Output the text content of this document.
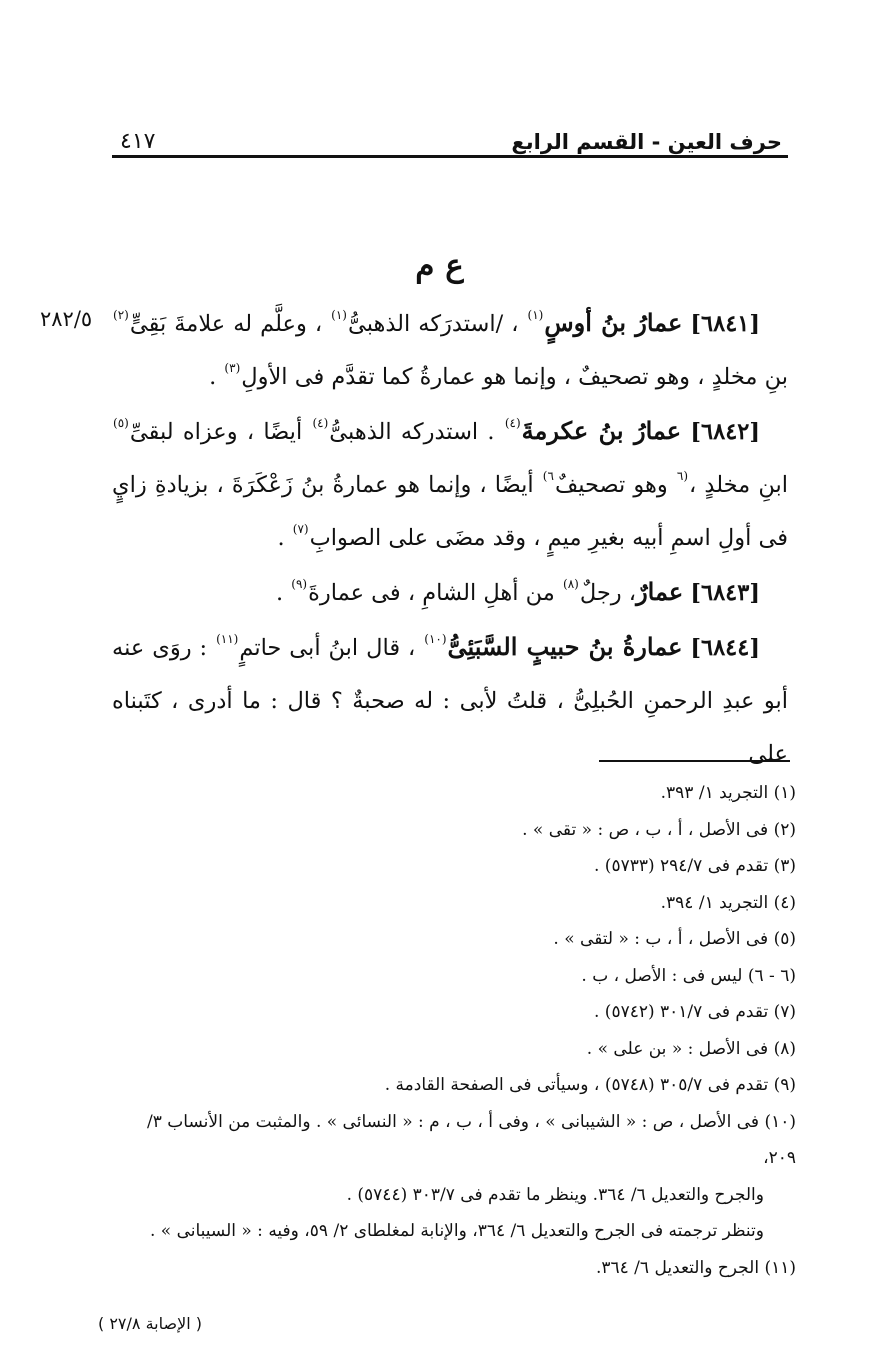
حرف العين - القسم الرابع
٤١٧
ع م
٢٨٢/٥	[٦٨٤١] عمارُ بنُ أوسٍ$^{(١)}$ ، /استدرَكه الذهبىُّ$^{(١)}$ ، وعلَّم له علامةَ بَقِىٍّ$^{(٢)}$ بنِ مخلدٍ ، وهو تصحيفٌ ، وإنما هو عمارةُ كما تقدَّم فى الأولِ$^{(٣)}$ .

[٦٨٤٢] عمارُ بنُ عكرمةَ$^{(٤)}$ . استدركه الذهبىُّ$^{(٤)}$ أيضًا ، وعزاه لبقىِّ$^{(٥)}$ ابنِ مخلدٍ ،$^{(٦}$ وهو تصحيفٌ$^{٦)}$ أيضًا ، وإنما هو عمارةُ بنُ زَعْكَرَةَ ، بزيادةِ زايٍ فى أولِ اسمِ أبيه بغيرِ ميمٍ ، وقد مضَى على الصوابِ$^{(٧)}$ .

[٦٨٤٣] عمارٌ، رجلٌ$^{(٨)}$ من أهلِ الشامِ ، فى عمارةَ$^{(٩)}$ .

[٦٨٤٤] عمارةُ بنُ حبيبٍ السَّبَئِىُّ$^{(١٠)}$ ، قال ابنُ أبى حاتمٍ$^{(١١)}$ : روَى عنه أبو عبدِ الرحمنِ الحُبلِىُّ ، قلتُ لأبى : له صحبةٌ ؟ قال : ما أدرى ، كتَبناه على

(١) التجريد ١/ ٣٩٣.
(٢) فى الأصل ، أ ، ب ، ص : « تقى » .
(٣) تقدم فى ٢٩٤/٧ (٥٧٣٣) .
(٤) التجريد ١/ ٣٩٤.
(٥) فى الأصل ، أ ، ب : « لتقى » .
(٦ - ٦) ليس فى : الأصل ، ب .
(٧) تقدم فى ٣٠١/٧ (٥٧٤٢) .
(٨) فى الأصل : « بن على » .
(٩) تقدم فى ٣٠٥/٧ (٥٧٤٨) ، وسيأتى فى الصفحة القادمة .
(١٠) فى الأصل ، ص : « الشيبانى » ، وفى أ ، ب ، م : « النسائى » . والمثبت من الأنساب ٣/ ٢٠٩،
والجرح والتعديل ٦/ ٣٦٤. وينظر ما تقدم فى ٣٠٣/٧ (٥٧٤٤) .
وتنظر ترجمته فى الجرح والتعديل ٦/ ٣٦٤، والإنابة لمغلطاى ٢/ ٥٩، وفيه : « السيبانى » .
(١١) الجرح والتعديل ٦/ ٣٦٤.
( الإصابة ٢٧/٨ )
